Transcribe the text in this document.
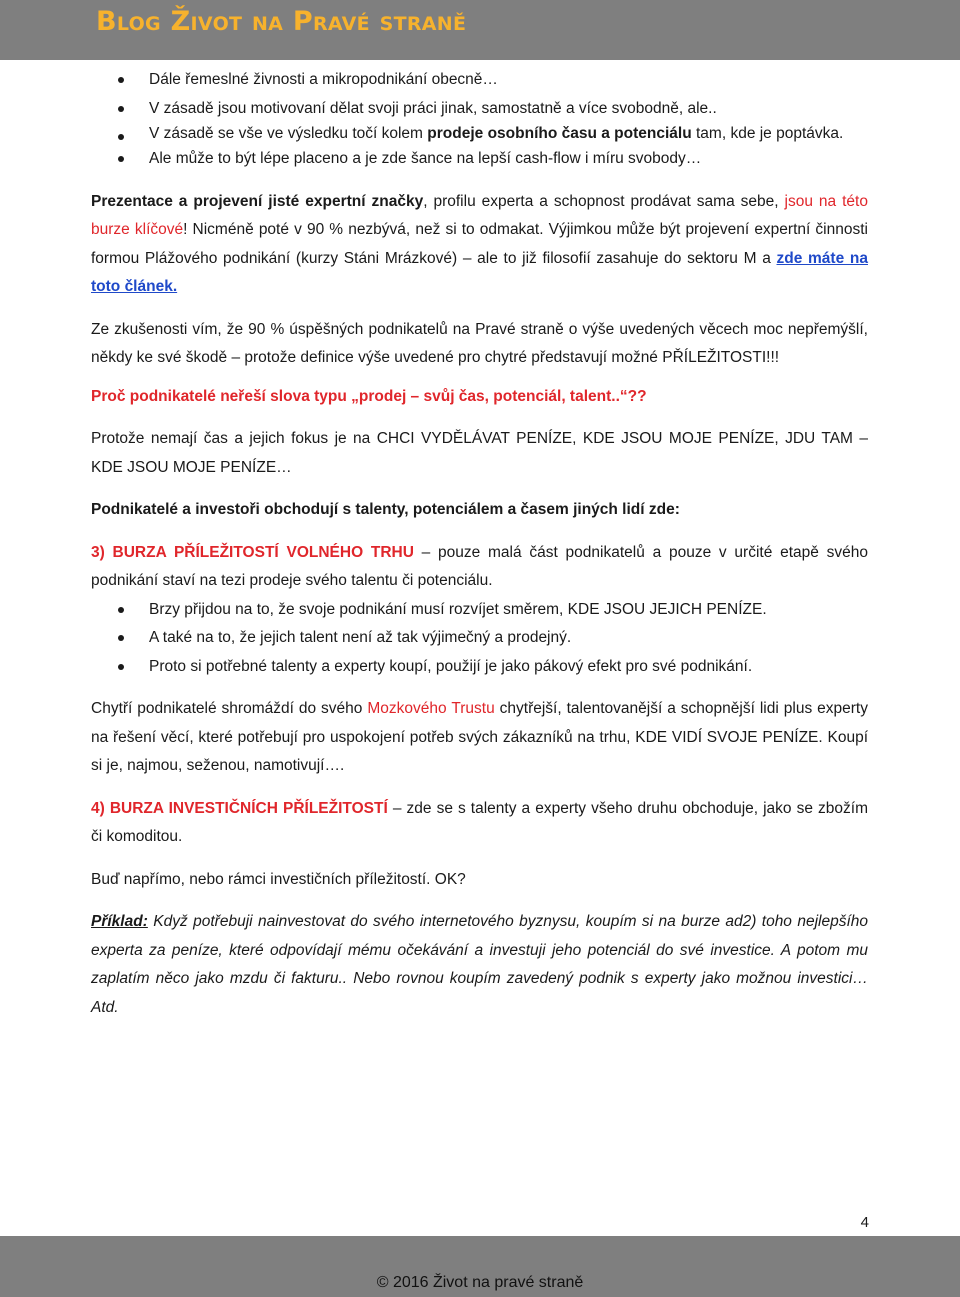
Blog Život na Pravé straně
Dále řemeslné živnosti a mikropodnikání obecně…
V zásadě jsou motivovaní dělat svoji práci jinak, samostatně a více svobodně, ale..
V zásadě se vše ve výsledku točí kolem prodeje osobního času a potenciálu tam, kde je poptávka.
Ale může to být lépe placeno a je zde šance na lepší cash-flow i míru svobody…

Prezentace a projevení jisté expertní značky, profilu experta a schopnost prodávat sama sebe, jsou na této burze klíčové! Nicméně poté v 90 % nezbývá, než si to odmakat. Výjimkou může být projevení expertní činnosti formou Plážového podnikání (kurzy Stáni Mrázkové) – ale to již filosofií zasahuje do sektoru M a zde máte na toto článek.

Ze zkušenosti vím, že 90 % úspěšných podnikatelů na Pravé straně o výše uvedených věcech moc nepřemýšlí, někdy ke své škodě – protože definice výše uvedené pro chytré představují možné PŘÍLEŽITOSTI!!!

Proč podnikatelé neřeší slova typu „prodej – svůj čas, potenciál, talent..“??

Protože nemají čas a jejich fokus je na CHCI VYDĚLÁVAT PENÍZE, KDE JSOU MOJE PENÍZE, JDU TAM – KDE JSOU MOJE PENÍZE…

Podnikatelé a investoři obchodují s talenty, potenciálem a časem jiných lidí zde:

3) BURZA PŘÍLEŽITOSTÍ VOLNÉHO TRHU – pouze malá část podnikatelů a pouze v určité etapě svého podnikání staví na tezi prodeje svého talentu či potenciálu.

Brzy přijdou na to, že svoje podnikání musí rozvíjet směrem, KDE JSOU JEJICH PENÍZE.
A také na to, že jejich talent není až tak výjimečný a prodejný.
Proto si potřebné talenty a experty koupí, použijí je jako pákový efekt pro své podnikání.

Chytří podnikatelé shromáždí do svého Mozkového Trustu chytřejší, talentovanější a schopnější lidi plus experty na řešení věcí, které potřebují pro uspokojení potřeb svých zákazníků na trhu, KDE VIDÍ SVOJE PENÍZE. Koupí si je, najmou, seženou, namotivují….

4) BURZA INVESTIČNÍCH PŘÍLEŽITOSTÍ – zde se s talenty a experty všeho druhu obchoduje, jako se zbožím či komoditou.

Buď napřímo, nebo rámci investičních příležitostí. OK?

Příklad: Když potřebuji nainvestovat do svého internetového byznysu, koupím si na burze ad2) toho nejlepšího experta za peníze, které odpovídají mému očekávání a investuji jeho potenciál do své investice. A potom mu zaplatím něco jako mzdu či fakturu.. Nebo rovnou koupím zavedený podnik s experty jako možnou investici… Atd.

4
© 2016 Život na pravé straně
